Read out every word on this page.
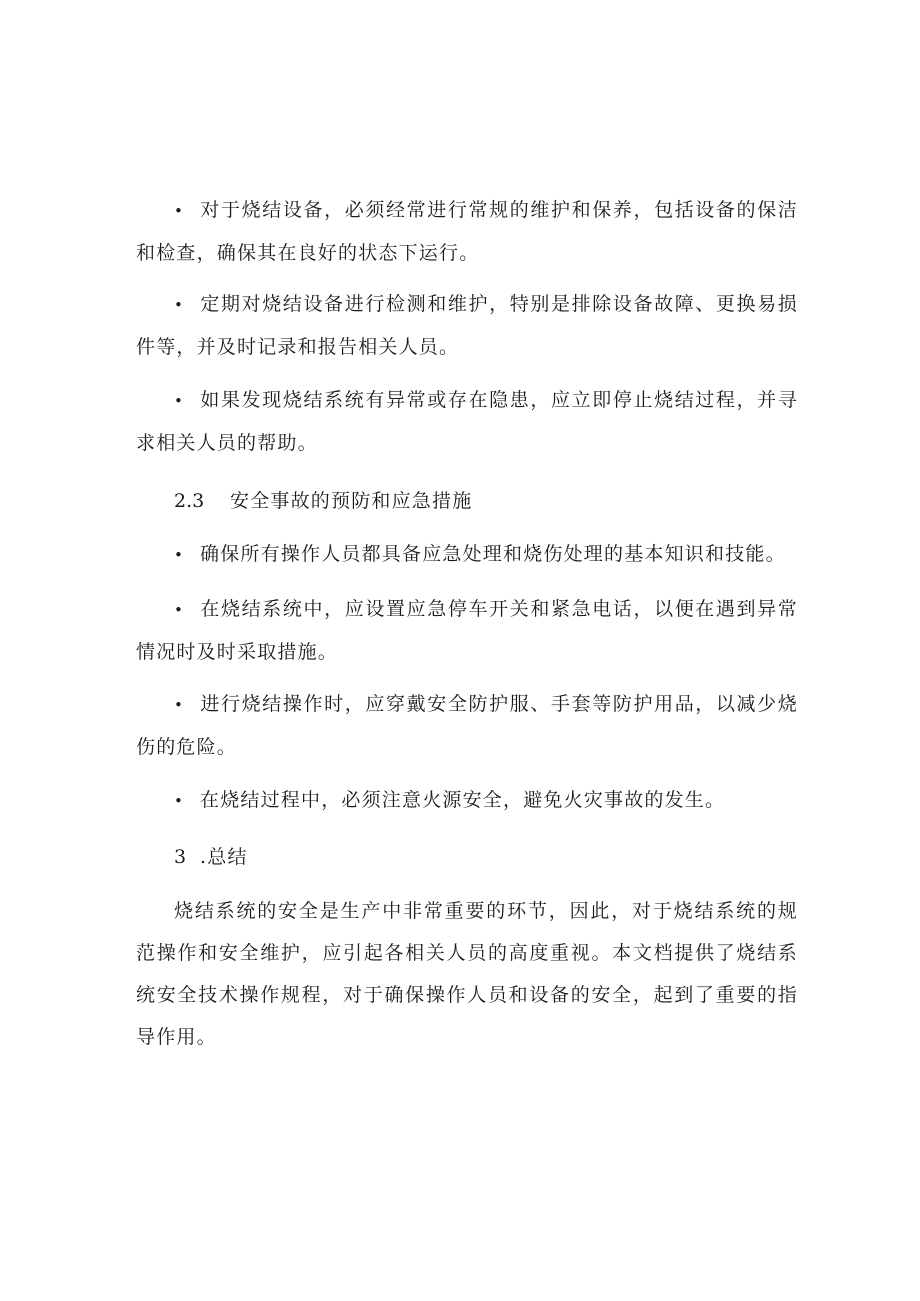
• 对于烧结设备，必须经常进行常规的维护和保养，包括设备的保洁和检查，确保其在良好的状态下运行。

• 定期对烧结设备进行检测和维护，特别是排除设备故障、更换易损件等，并及时记录和报告相关人员。

• 如果发现烧结系统有异常或存在隐患，应立即停止烧结过程，并寻求相关人员的帮助。

2.3 安全事故的预防和应急措施

• 确保所有操作人员都具备应急处理和烧伤处理的基本知识和技能。

• 在烧结系统中，应设置应急停车开关和紧急电话，以便在遇到异常情况时及时采取措施。

• 进行烧结操作时，应穿戴安全防护服、手套等防护用品，以减少烧伤的危险。

• 在烧结过程中，必须注意火源安全，避免火灾事故的发生。

3 .总结

烧结系统的安全是生产中非常重要的环节，因此，对于烧结系统的规范操作和安全维护，应引起各相关人员的高度重视。本文档提供了烧结系统安全技术操作规程，对于确保操作人员和设备的安全，起到了重要的指导作用。
